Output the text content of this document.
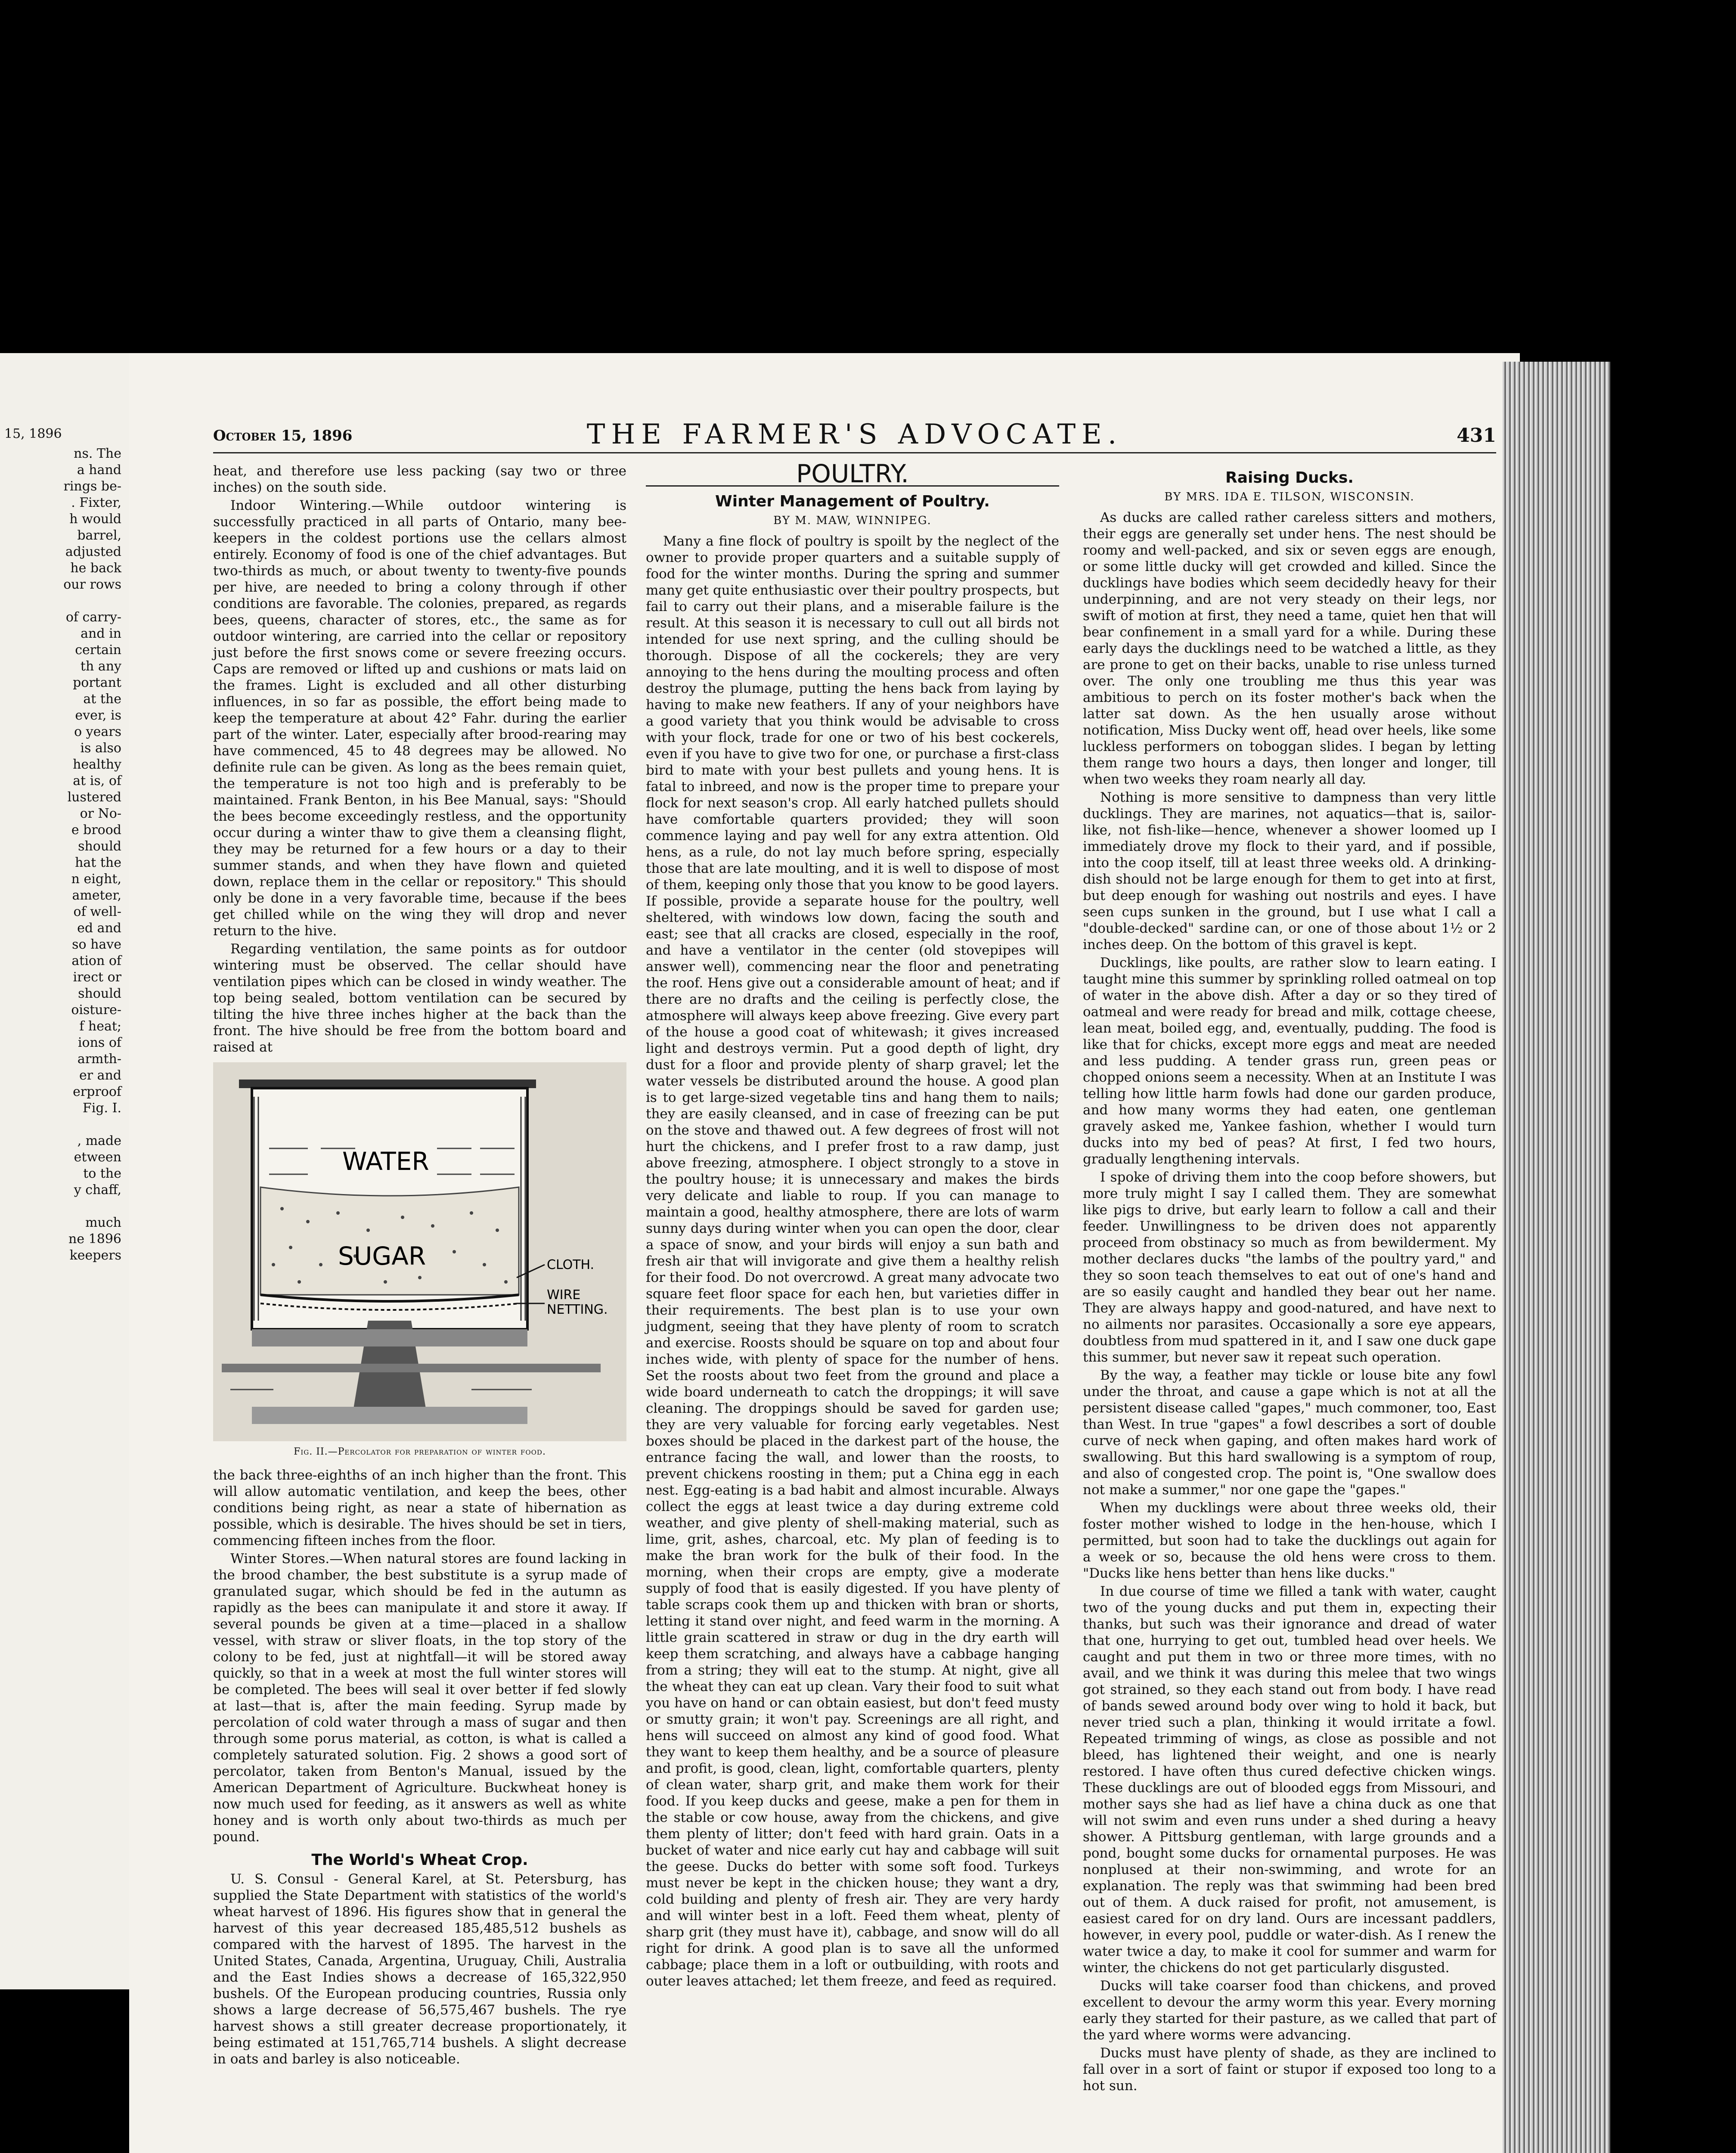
15, 1896
ns. The
a hand
rings be-
. Fixter,
h would
barrel,
adjusted
he back
our rows

of carry-
and in
certain
th any
portant
at the
ever, is
o years
is also
healthy
at is, of
lustered
or No-
e brood
should
hat the
n eight,
ameter,
of well-
ed and
so have
ation of
irect or
should
oisture-
f heat;
ions of
armth-
er and
erproof
Fig. I.

, made
etween
to the
y chaff,

much
ne 1896
keepers
October 15, 1896	THE FARMER'S ADVOCATE.	431

heat, and therefore use less packing (say two or three inches) on the south side.

Indoor Wintering.—While outdoor wintering is successfully practiced in all parts of Ontario, many bee-keepers in the coldest portions use the cellars almost entirely. Economy of food is one of the chief advantages. But two-thirds as much, or about twenty to twenty-five pounds per hive, are needed to bring a colony through if other conditions are favorable. The colonies, prepared, as regards bees, queens, character of stores, etc., the same as for outdoor wintering, are carried into the cellar or repository just before the first snows come or severe freezing occurs. Caps are removed or lifted up and cushions or mats laid on the frames. Light is excluded and all other disturbing influences, in so far as possible, the effort being made to keep the temperature at about 42° Fahr. during the earlier part of the winter. Later, especially after brood-rearing may have commenced, 45 to 48 degrees may be allowed. No definite rule can be given. As long as the bees remain quiet, the temperature is not too high and is preferably to be maintained. Frank Benton, in his Bee Manual, says: "Should the bees become exceedingly restless, and the opportunity occur during a winter thaw to give them a cleansing flight, they may be returned for a few hours or a day to their summer stands, and when they have flown and quieted down, replace them in the cellar or repository." This should only be done in a very favorable time, because if the bees get chilled while on the wing they will drop and never return to the hive.

Regarding ventilation, the same points as for outdoor wintering must be observed. The cellar should have ventilation pipes which can be closed in windy weather. The top being sealed, bottom ventilation can be secured by tilting the hive three inches higher at the back than the front. The hive should be free from the bottom board and raised at

WATER
SUGAR	CLOTH.
WIRE
NETTING.
Fig. II.—Percolator for preparation of winter food.

the back three-eighths of an inch higher than the front. This will allow automatic ventilation, and keep the bees, other conditions being right, as near a state of hibernation as possible, which is desirable. The hives should be set in tiers, commencing fifteen inches from the floor.

Winter Stores.—When natural stores are found lacking in the brood chamber, the best substitute is a syrup made of granulated sugar, which should be fed in the autumn as rapidly as the bees can manipulate it and store it away. If several pounds be given at a time—placed in a shallow vessel, with straw or sliver floats, in the top story of the colony to be fed, just at nightfall—it will be stored away quickly, so that in a week at most the full winter stores will be completed. The bees will seal it over better if fed slowly at last—that is, after the main feeding. Syrup made by percolation of cold water through a mass of sugar and then through some porus material, as cotton, is what is called a completely saturated solution. Fig. 2 shows a good sort of percolator, taken from Benton's Manual, issued by the American Department of Agriculture. Buckwheat honey is now much used for feeding, as it answers as well as white honey and is worth only about two-thirds as much per pound.

The World's Wheat Crop.

U. S. Consul - General Karel, at St. Petersburg, has supplied the State Department with statistics of the world's wheat harvest of 1896. His figures show that in general the harvest of this year decreased 185,485,512 bushels as compared with the harvest of 1895. The harvest in the United States, Canada, Argentina, Uruguay, Chili, Australia and the East Indies shows a decrease of 165,322,950 bushels. Of the European producing countries, Russia only shows a large decrease of 56,575,467 bushels. The rye harvest shows a still greater decrease proportionately, it being estimated at 151,765,714 bushels. A slight decrease in oats and barley is also noticeable.

POULTRY.
Winter Management of Poultry.
BY M. MAW, WINNIPEG.

Many a fine flock of poultry is spoilt by the neglect of the owner to provide proper quarters and a suitable supply of food for the winter months. During the spring and summer many get quite enthusiastic over their poultry prospects, but fail to carry out their plans, and a miserable failure is the result. At this season it is necessary to cull out all birds not intended for use next spring, and the culling should be thorough. Dispose of all the cockerels; they are very annoying to the hens during the moulting process and often destroy the plumage, putting the hens back from laying by having to make new feathers. If any of your neighbors have a good variety that you think would be advisable to cross with your flock, trade for one or two of his best cockerels, even if you have to give two for one, or purchase a first-class bird to mate with your best pullets and young hens. It is fatal to inbreed, and now is the proper time to prepare your flock for next season's crop. All early hatched pullets should have comfortable quarters provided; they will soon commence laying and pay well for any extra attention. Old hens, as a rule, do not lay much before spring, especially those that are late moulting, and it is well to dispose of most of them, keeping only those that you know to be good layers. If possible, provide a separate house for the poultry, well sheltered, with windows low down, facing the south and east; see that all cracks are closed, especially in the roof, and have a ventilator in the center (old stovepipes will answer well), commencing near the floor and penetrating the roof. Hens give out a considerable amount of heat; and if there are no drafts and the ceiling is perfectly close, the atmosphere will always keep above freezing. Give every part of the house a good coat of whitewash; it gives increased light and destroys vermin. Put a good depth of light, dry dust for a floor and provide plenty of sharp gravel; let the water vessels be distributed around the house. A good plan is to get large-sized vegetable tins and hang them to nails; they are easily cleansed, and in case of freezing can be put on the stove and thawed out. A few degrees of frost will not hurt the chickens, and I prefer frost to a raw damp, just above freezing, atmosphere. I object strongly to a stove in the poultry house; it is unnecessary and makes the birds very delicate and liable to roup. If you can manage to maintain a good, healthy atmosphere, there are lots of warm sunny days during winter when you can open the door, clear a space of snow, and your birds will enjoy a sun bath and fresh air that will invigorate and give them a healthy relish for their food. Do not overcrowd. A great many advocate two square feet floor space for each hen, but varieties differ in their requirements. The best plan is to use your own judgment, seeing that they have plenty of room to scratch and exercise. Roosts should be square on top and about four inches wide, with plenty of space for the number of hens. Set the roosts about two feet from the ground and place a wide board underneath to catch the droppings; it will save cleaning. The droppings should be saved for garden use; they are very valuable for forcing early vegetables. Nest boxes should be placed in the darkest part of the house, the entrance facing the wall, and lower than the roosts, to prevent chickens roosting in them; put a China egg in each nest. Egg-eating is a bad habit and almost incurable. Always collect the eggs at least twice a day during extreme cold weather, and give plenty of shell-making material, such as lime, grit, ashes, charcoal, etc. My plan of feeding is to make the bran work for the bulk of their food. In the morning, when their crops are empty, give a moderate supply of food that is easily digested. If you have plenty of table scraps cook them up and thicken with bran or shorts, letting it stand over night, and feed warm in the morning. A little grain scattered in straw or dug in the dry earth will keep them scratching, and always have a cabbage hanging from a string; they will eat to the stump. At night, give all the wheat they can eat up clean. Vary their food to suit what you have on hand or can obtain easiest, but don't feed musty or smutty grain; it won't pay. Screenings are all right, and hens will succeed on almost any kind of good food. What they want to keep them healthy, and be a source of pleasure and profit, is good, clean, light, comfortable quarters, plenty of clean water, sharp grit, and make them work for their food. If you keep ducks and geese, make a pen for them in the stable or cow house, away from the chickens, and give them plenty of litter; don't feed with hard grain. Oats in a bucket of water and nice early cut hay and cabbage will suit the geese. Ducks do better with some soft food. Turkeys must never be kept in the chicken house; they want a dry, cold building and plenty of fresh air. They are very hardy and will winter best in a loft. Feed them wheat, plenty of sharp grit (they must have it), cabbage, and snow will do all right for drink. A good plan is to save all the unformed cabbage; place them in a loft or outbuilding, with roots and outer leaves attached; let them freeze, and feed as required.

Raising Ducks.
BY MRS. IDA E. TILSON, WISCONSIN.

As ducks are called rather careless sitters and mothers, their eggs are generally set under hens. The nest should be roomy and well-packed, and six or seven eggs are enough, or some little ducky will get crowded and killed. Since the ducklings have bodies which seem decidedly heavy for their underpinning, and are not very steady on their legs, nor swift of motion at first, they need a tame, quiet hen that will bear confinement in a small yard for a while. During these early days the ducklings need to be watched a little, as they are prone to get on their backs, unable to rise unless turned over. The only one troubling me thus this year was ambitious to perch on its foster mother's back when the latter sat down. As the hen usually arose without notification, Miss Ducky went off, head over heels, like some luckless performers on toboggan slides. I began by letting them range two hours a days, then longer and longer, till when two weeks they roam nearly all day.

Nothing is more sensitive to dampness than very little ducklings. They are marines, not aquatics—that is, sailor-like, not fish-like—hence, whenever a shower loomed up I immediately drove my flock to their yard, and if possible, into the coop itself, till at least three weeks old. A drinking-dish should not be large enough for them to get into at first, but deep enough for washing out nostrils and eyes. I have seen cups sunken in the ground, but I use what I call a "double-decked" sardine can, or one of those about 1½ or 2 inches deep. On the bottom of this gravel is kept.

Ducklings, like poults, are rather slow to learn eating. I taught mine this summer by sprinkling rolled oatmeal on top of water in the above dish. After a day or so they tired of oatmeal and were ready for bread and milk, cottage cheese, lean meat, boiled egg, and, eventually, pudding. The food is like that for chicks, except more eggs and meat are needed and less pudding. A tender grass run, green peas or chopped onions seem a necessity. When at an Institute I was telling how little harm fowls had done our garden produce, and how many worms they had eaten, one gentleman gravely asked me, Yankee fashion, whether I would turn ducks into my bed of peas? At first, I fed two hours, gradually lengthening intervals.

I spoke of driving them into the coop before showers, but more truly might I say I called them. They are somewhat like pigs to drive, but early learn to follow a call and their feeder. Unwillingness to be driven does not apparently proceed from obstinacy so much as from bewilderment. My mother declares ducks "the lambs of the poultry yard," and they so soon teach themselves to eat out of one's hand and are so easily caught and handled they bear out her name. They are always happy and good-natured, and have next to no ailments nor parasites. Occasionally a sore eye appears, doubtless from mud spattered in it, and I saw one duck gape this summer, but never saw it repeat such operation.

By the way, a feather may tickle or louse bite any fowl under the throat, and cause a gape which is not at all the persistent disease called "gapes," much commoner, too, East than West. In true "gapes" a fowl describes a sort of double curve of neck when gaping, and often makes hard work of swallowing. But this hard swallowing is a symptom of roup, and also of congested crop. The point is, "One swallow does not make a summer," nor one gape the "gapes."

When my ducklings were about three weeks old, their foster mother wished to lodge in the hen-house, which I permitted, but soon had to take the ducklings out again for a week or so, because the old hens were cross to them. "Ducks like hens better than hens like ducks."

In due course of time we filled a tank with water, caught two of the young ducks and put them in, expecting their thanks, but such was their ignorance and dread of water that one, hurrying to get out, tumbled head over heels. We caught and put them in two or three more times, with no avail, and we think it was during this melee that two wings got strained, so they each stand out from body. I have read of bands sewed around body over wing to hold it back, but never tried such a plan, thinking it would irritate a fowl. Repeated trimming of wings, as close as possible and not bleed, has lightened their weight, and one is nearly restored. I have often thus cured defective chicken wings. These ducklings are out of blooded eggs from Missouri, and mother says she had as lief have a china duck as one that will not swim and even runs under a shed during a heavy shower. A Pittsburg gentleman, with large grounds and a pond, bought some ducks for ornamental purposes. He was nonplused at their non-swimming, and wrote for an explanation. The reply was that swimming had been bred out of them. A duck raised for profit, not amusement, is easiest cared for on dry land. Ours are incessant paddlers, however, in every pool, puddle or water-dish. As I renew the water twice a day, to make it cool for summer and warm for winter, the chickens do not get particularly disgusted.

Ducks will take coarser food than chickens, and proved excellent to devour the army worm this year. Every morning early they started for their pasture, as we called that part of the yard where worms were advancing.

Ducks must have plenty of shade, as they are inclined to fall over in a sort of faint or stupor if exposed too long to a hot sun.
